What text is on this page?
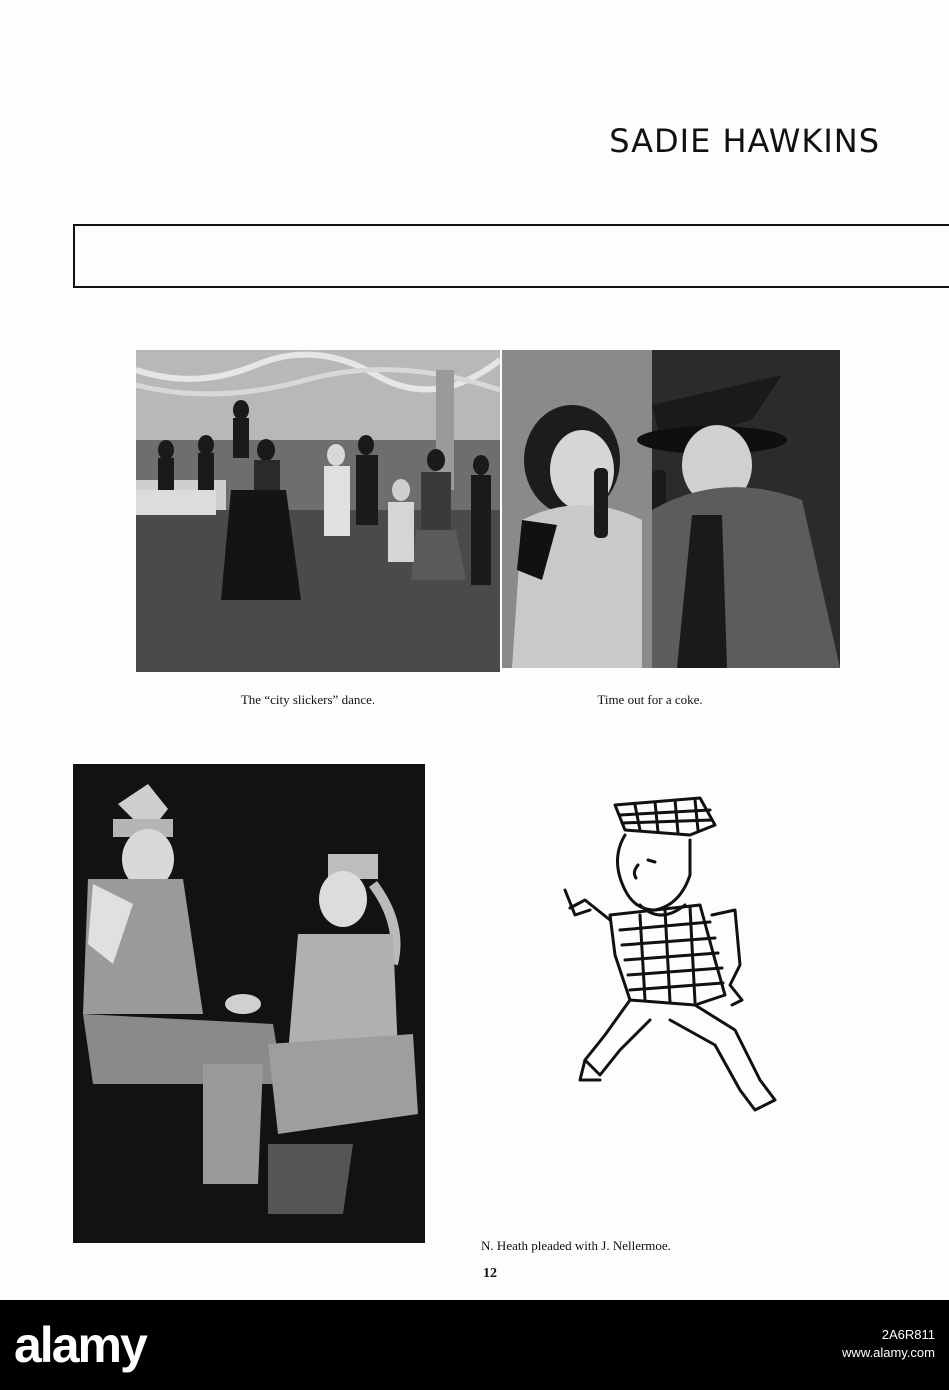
SADIE HAWKINS
The “city slickers” dance.	Time out for a coke.
N. Heath pleaded with J. Nellermoe.
12
alamy	2A6R811
www.alamy.com
